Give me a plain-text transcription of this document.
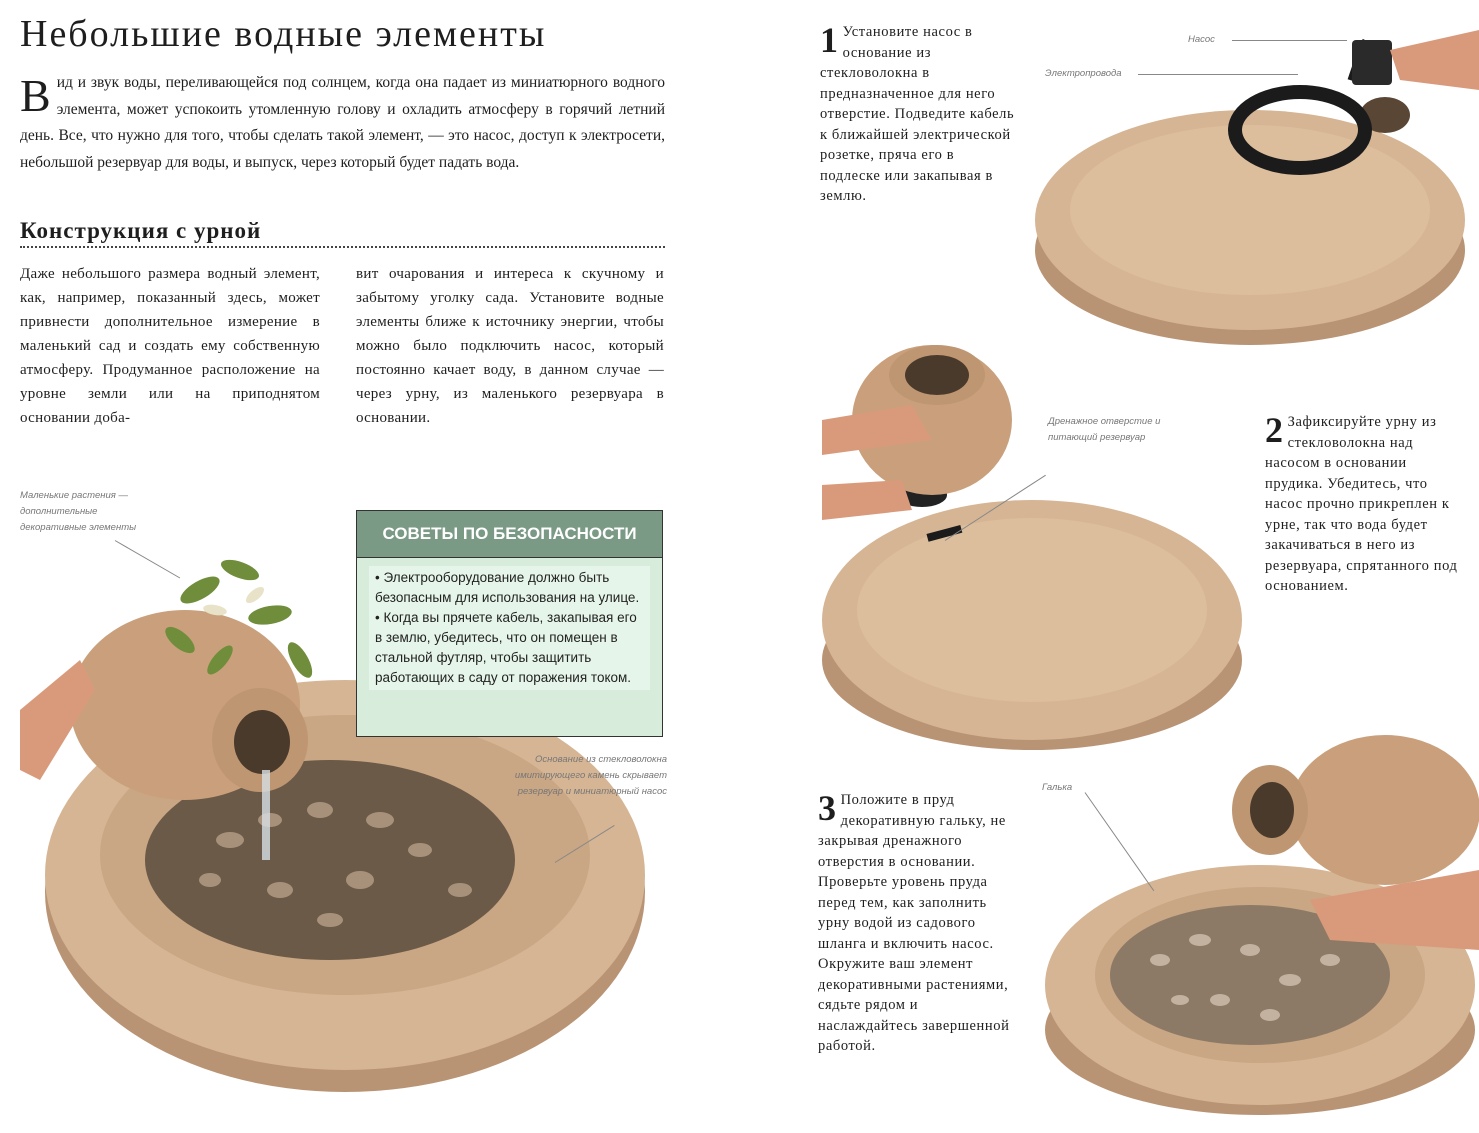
Небольшие водные элементы

В ид и звук воды, переливающейся под солнцем, когда она падает из миниатюрного водного элемента, может успокоить утомленную голову и охладить атмосферу в горячий летний день. Все, что нужно для того, чтобы сделать такой элемент, — это насос, доступ к электросети, небольшой резервуар для воды, и выпуск, через который будет падать вода.

Конструкция с урной

Даже небольшого размера водный элемент, как, например, показанный здесь, может привнести дополнительное измерение в маленький сад и создать ему собственную атмосферу. Продуманное расположение на уровне земли или на приподнятом основании доба-

вит очарования и интереса к скучному и забытому уголку сада. Установите водные элементы ближе к источнику энергии, чтобы можно было подключить насос, который постоянно качает воду, в данном случае — через урну, из маленького резервуара в основании.

Маленькие растения — дополнительные декоративные элементы

Основание из стекловолокна имитирующего камень скрывает резервуар и миниатюрный насос

СОВЕТЫ ПО БЕЗОПАСНОСТИ

• Электрооборудование должно быть безопасным для использования на улице.

• Когда вы прячете кабель, закапывая его в землю, убедитесь, что он помещен в стальной футляр, чтобы защитить работающих в саду от поражения током.

1 Установите насос в основание из стекловолокна в предназначенное для него отверстие. Подведите кабель к ближайшей электрической розетке, пряча его в подлеске или закапывая в землю.

Насос

Электропровода

Дренажное отверстие и питающий резервуар	2 Зафиксируйте урну из стекловолокна над насосом в основании прудика. Убедитесь, что насос прочно прикреплен к урне, так что вода будет закачиваться в него из резервуара, спрятанного под основанием.

3 Положите в пруд декоративную гальку, не закрывая дренажного отверстия в основании. Проверьте уровень пруда перед тем, как заполнить урну водой из садового шланга и включить насос. Окружите ваш элемент декоративными растениями, сядьте рядом и наслаждайтесь завершенной работой.

Галька
